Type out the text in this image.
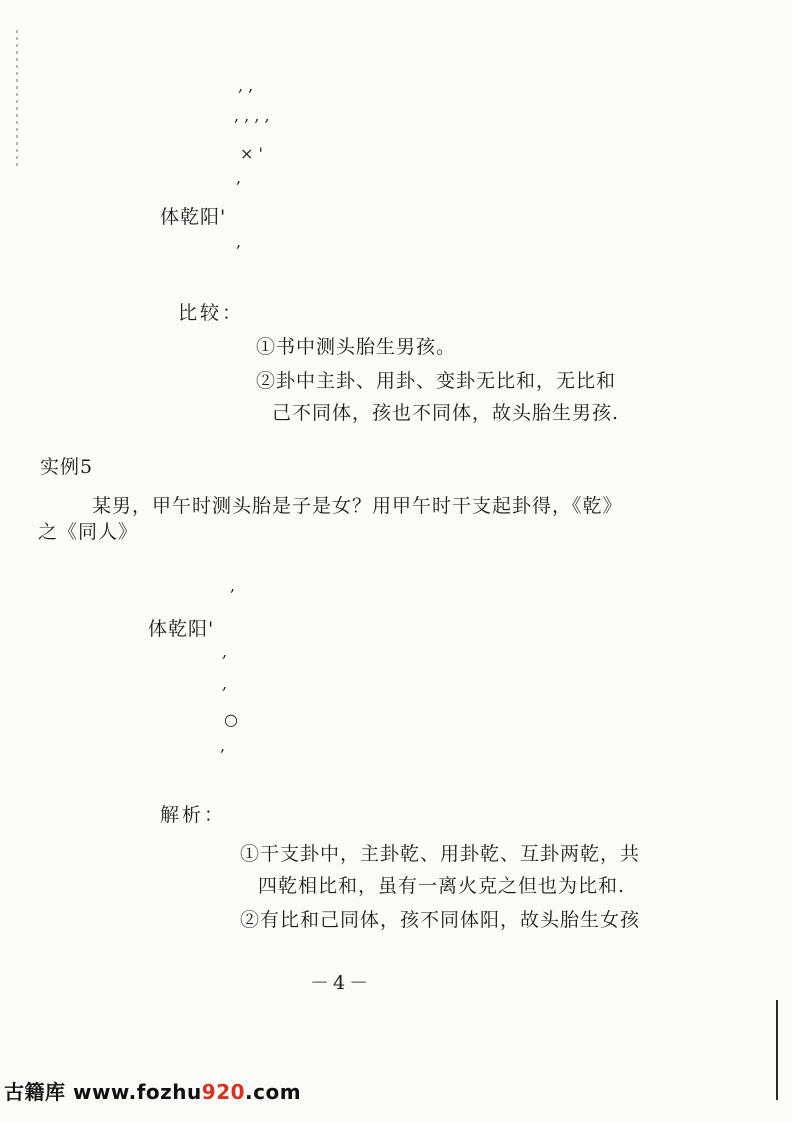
, ,
, , , ,
× '
,
体乾阳'
,
比较：
①书中测头胎生男孩。
②卦中主卦、用卦、变卦无比和，无比和
己不同体，孩也不同体，故头胎生男孩.
实例5
某男，甲午时测头胎是子是女？用甲午时干支起卦得，《乾》
之《同人》
,
体乾阳'
,
,
○
,
解析：
①干支卦中，主卦乾、用卦乾、互卦两乾，共
四乾相比和，虽有一离火克之但也为比和.
②有比和己同体，孩不同体阳，故头胎生女孩
－4－
古籍库 www.fozhu920.com
